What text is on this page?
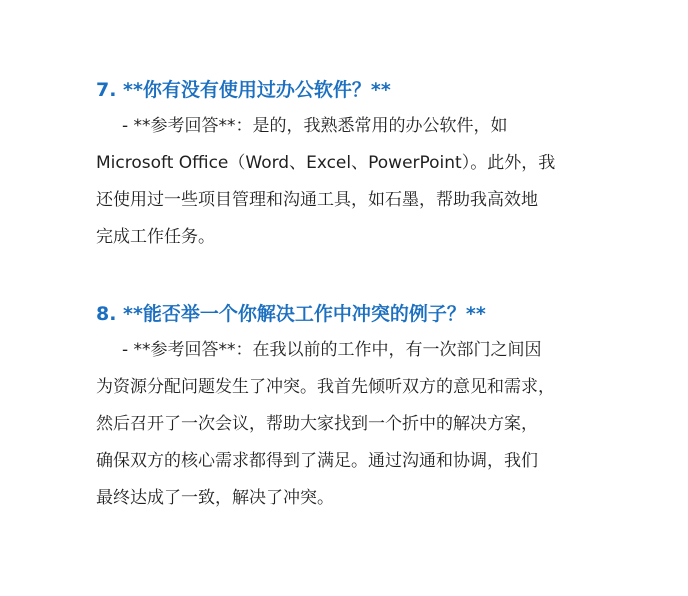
7. **你有没有使用过办公软件？**
- **参考回答**：是的，我熟悉常用的办公软件，如
Microsoft Office（Word、Excel、PowerPoint）。此外，我
还使用过一些项目管理和沟通工具，如石墨，帮助我高效地
完成工作任务。
8. **能否举一个你解决工作中冲突的例子？**
- **参考回答**：在我以前的工作中，有一次部门之间因
为资源分配问题发生了冲突。我首先倾听双方的意见和需求，
然后召开了一次会议，帮助大家找到一个折中的解决方案，
确保双方的核心需求都得到了满足。通过沟通和协调，我们
最终达成了一致，解决了冲突。
